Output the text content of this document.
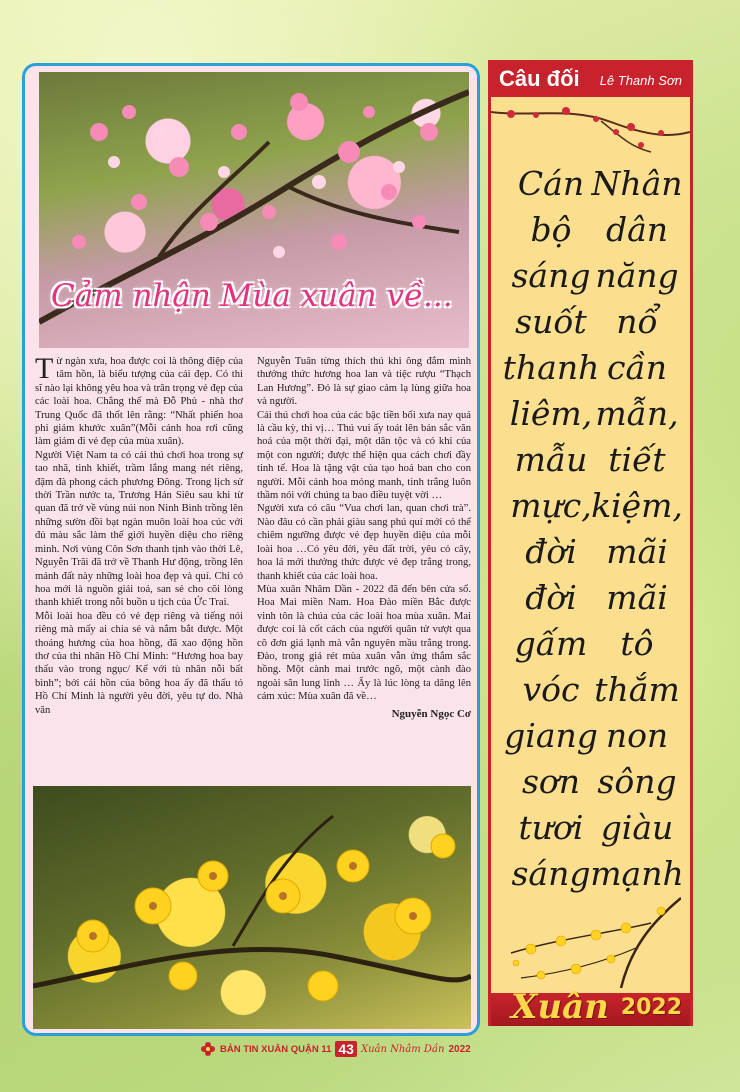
Cảm nhận Mùa xuân về...

Từ ngàn xưa, hoa được coi là thông điệp của tâm hồn, là biểu tượng của cái đẹp. Có thi sĩ nào lại không yêu hoa và trân trọng vẻ đẹp của các loài hoa. Chẳng thế mà Đỗ Phủ - nhà thơ Trung Quốc đã thốt lên rằng: “Nhất phiến hoa phi giảm khước xuân”(Mỗi cánh hoa rơi cũng làm giảm đi vẻ đẹp của mùa xuân).

Người Việt Nam ta có cái thú chơi hoa trong sự tao nhã, tinh khiết, trầm lắng mang nét riêng, đậm đà phong cách phương Đông. Trong lịch sử thời Trần nước ta, Trương Hán Siêu sau khi từ quan đã trở về vùng núi non Ninh Bình trồng lên những sườn đồi bạt ngàn muôn loài hoa cúc với đủ màu sắc làm thế giới huyền diệu cho riêng mình. Nơi vùng Côn Sơn thanh tịnh vào thời Lê, Nguyễn Trãi đã trở về Thanh Hư động, trồng lên mảnh đất này những loài hoa đẹp và quí. Chỉ có hoa mới là nguồn giải toả, san sẻ cho cõi lòng thanh khiết trong nỗi buồn u tịch của Ức Trai.

Mỗi loài hoa đều có vẻ đẹp riêng và tiếng nói riêng mà mấy ai chia sẻ và nắm bắt được. Một thoáng hương của hoa hồng, đã xao động hồn thơ của thi nhân Hồ Chí Minh: “Hương hoa bay thấu vào trong ngục/ Kể với tù nhân nỗi bất bình”; bởi cái hồn của bông hoa ấy đã thấu tỏ Hồ Chí Minh là người yêu đời, yêu tự do. Nhà văn

Nguyễn Tuân từng thích thú khi ông đắm mình thưởng thức hương hoa lan và tiệc rượu “Thạch Lan Hương”. Đó là sự giao cảm lạ lùng giữa hoa và người.

Cái thú chơi hoa của các bậc tiền bối xưa nay quả là cầu kỳ, thi vị… Thú vui ấy toát lên bản sắc văn hoá của một thời đại, một dân tộc và có khi của một con người; được thể hiện qua cách chơi đầy tinh tế. Hoa là tặng vật của tạo hoá ban cho con người. Mỗi cánh hoa mỏng manh, tinh trắng luôn thầm nói với chúng ta bao điều tuyệt vời …

Người xưa có câu “Vua chơi lan, quan chơi trà”. Nào đâu có cần phải giàu sang phú quí mới có thể chiêm ngưỡng được vẻ đẹp huyền diệu của mỗi loài hoa …Có yêu đời, yêu đất trời, yêu cỏ cây, hoa lá mới thưởng thức được vẻ đẹp trắng trong, thanh khiết của các loài hoa.

Mùa xuân Nhâm Dần - 2022 đã đến bên cửa sổ. Hoa Mai miền Nam. Hoa Đào miền Bắc được vinh tôn là chúa của các loài hoa mùa xuân. Mai được coi là cốt cách của người quân tử vượt qua cô đơn giá lạnh mà vẫn nguyên mầu trắng trong. Đào, trong giá rét mùa xuân vẫn ửng thắm sắc hồng. Một cành mai trước ngõ, một cành đào ngoài sân lung linh … Ấy là lúc lòng ta dâng lên cảm xúc: Mùa xuân đã về…

Nguyễn Ngọc Cơ
Câu đối Lê Thanh Sơn
Cán
bộ
sáng
suốt
thanh
liêm,
mẫu
mực,
đời
đời
gấm
vóc
giang
sơn
tươi
sáng
Nhân
dân
năng
nổ
cần
mẫn,
tiết
kiệm,
mãi
mãi
tô
thắm
non
sông
giàu
mạnh
Xuân 2022
BẢN TIN XUÂN QUẬN 11 43 Xuân Nhâm Dần 2022
